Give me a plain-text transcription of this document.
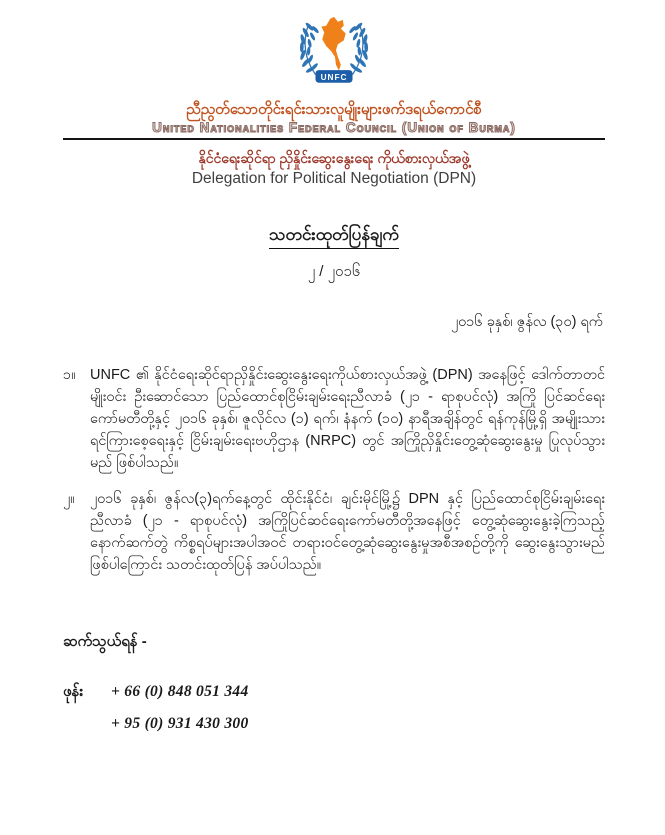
UNFC
ညီညွတ်သောတိုင်းရင်းသားလူမျိုးများဖက်ဒရယ်ကောင်စီ
United Nationalities Federal Council (Union of Burma)
နိုင်ငံရေးဆိုင်ရာ ညှိနှိုင်းဆွေးနွေးရေး ကိုယ်စားလှယ်အဖွဲ့
Delegation for Political Negotiation (DPN)
သတင်းထုတ်ပြန်ချက်
၂ / ၂၀၁၆
၂၀၁၆ ခုနှစ်၊ ဇွန်လ (၃၀) ရက်
၁။ UNFC ၏ နိုင်ငံရေးဆိုင်ရာညှိနှိုင်းဆွေးနွေးရေးကိုယ်စားလှယ်အဖွဲ့ (DPN) အနေဖြင့် ဒေါက်တာတင်မျိုးဝင်း ဦးဆောင်သော ပြည်ထောင်စုငြိမ်းချမ်းရေးညီလာခံ (၂၁ - ရာစုပင်လုံ) အကြို ပြင်ဆင်ရေးကော်မတီတို့နှင့် ၂၀၁၆ ခုနှစ်၊ ဇူလိုင်လ (၁) ရက်၊ နံနက် (၁၀) နာရီအချိန်တွင် ရန်ကုန်မြို့ရှိ အမျိုးသားရင်ကြားစေ့ရေးနှင့် ငြိမ်းချမ်းရေးဗဟိုဌာန (NRPC) တွင် အကြိုညှိနှိုင်းတွေ့ဆုံဆွေးနွေးမှု ပြုလုပ်သွားမည် ဖြစ်ပါသည်။
၂။	၂၀၁၆ ခုနှစ်၊ ဇွန်လ(၃)ရက်နေ့တွင် ထိုင်းနိုင်ငံ၊ ချင်းမိုင်မြို့၌ DPN နှင့် ပြည်ထောင်စုငြိမ်းချမ်းရေးညီလာခံ (၂၁ - ရာစုပင်လုံ) အကြိုပြင်ဆင်ရေးကော်မတီတို့အနေဖြင့် တွေ့ဆုံဆွေးနွေးခဲ့ကြသည့် နောက်ဆက်တွဲ ကိစ္စရပ်များအပါအဝင် တရားဝင်တွေ့ဆုံဆွေးနွေးမှုအစီအစဉ်တို့ကို ဆွေးနွေးသွားမည်ဖြစ်ပါကြောင်း သတင်းထုတ်ပြန် အပ်ပါသည်။
ဆက်သွယ်ရန် -
ဖုန်း	+ 66 (0) 848 051 344
+ 95 (0) 931 430 300
